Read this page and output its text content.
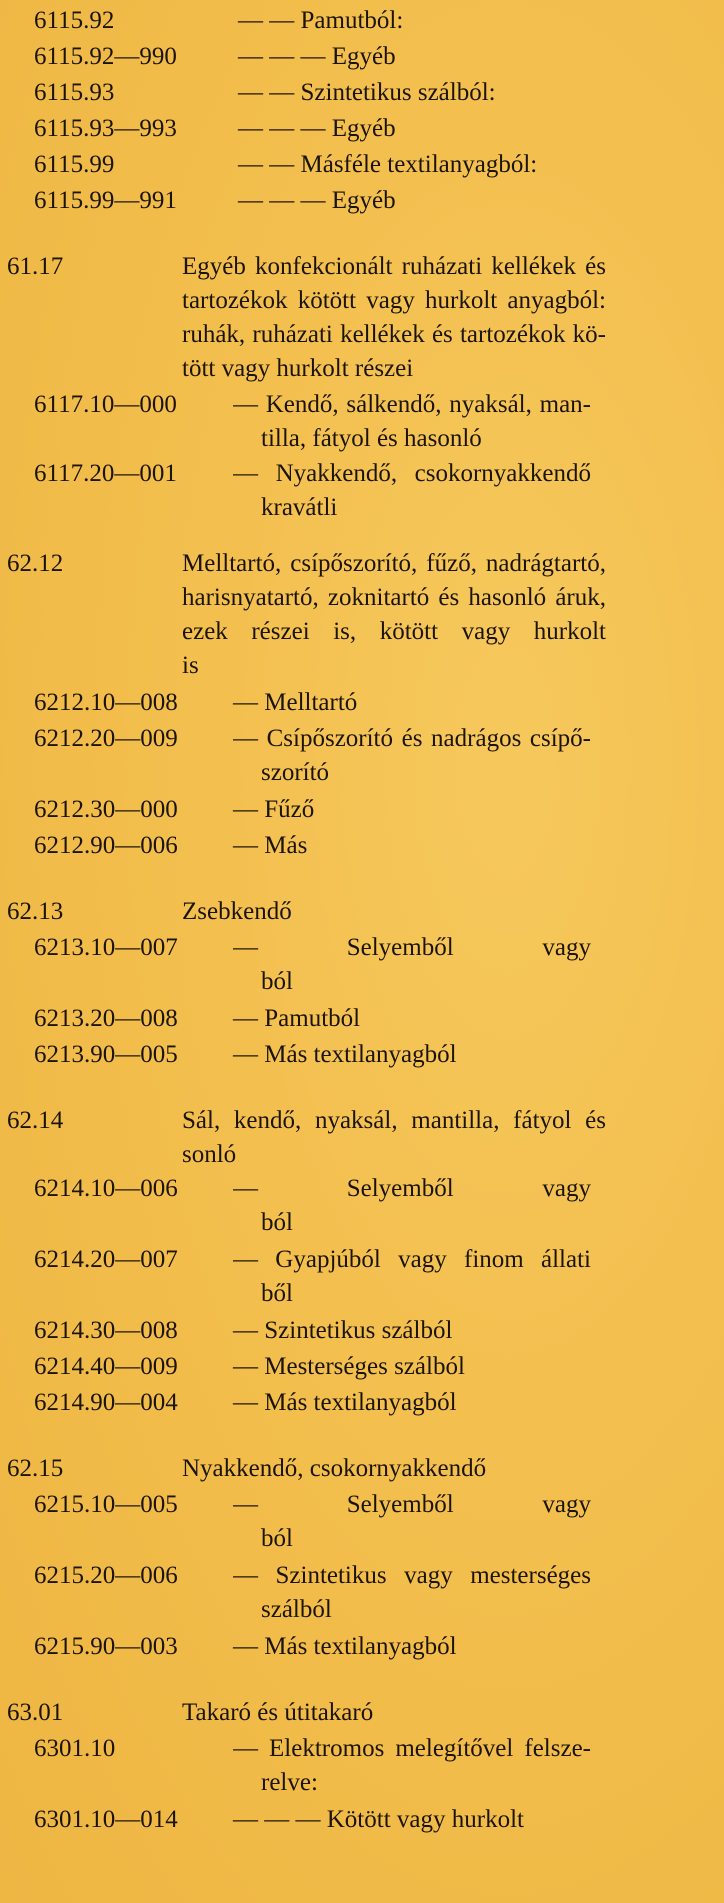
6115.92	— — Pamutból:
6115.92—990 — — — Egyéb
6115.93	— — Szintetikus szálból:
6115.93—993 — — — Egyéb
6115.99	— — Másféle textilanyagból:
6115.99—991 — — — Egyéb
61.17	Egyéb konfekcionált ruházati kellékek és
tartozékok kötött vagy hurkolt anyagból:
ruhák, ruházati kellékek és tartozékok kö-
tött vagy hurkolt részei
6117.10—000 — Kendő, sálkendő, nyaksál, man-
tilla, fátyol és hasonló
6117.20—001 — Nyakkendő, csokornyakkendő
kravátli
62.12	Melltartó, csípőszorító, fűző, nadrágtartó,
harisnyatartó, zoknitartó és hasonló áruk,
ezek részei is, kötött vagy hurkolt
is
6212.10—008 — Melltartó
6212.20—009 — Csípőszorító és nadrágos csípő-
szorító
6212.30—000 — Fűző
6212.90—006 — Más
62.13	Zsebkendő
6213.10—007 — Selyemből vagy
ból
6213.20—008 — Pamutból
6213.90—005 — Más textilanyagból
62.14	Sál, kendő, nyaksál, mantilla, fátyol és
sonló
6214.10—006 — Selyemből vagy
ból
6214.20—007 — Gyapjúból vagy finom állati
ből
6214.30—008 — Szintetikus szálból
6214.40—009 — Mesterséges szálból
6214.90—004 — Más textilanyagból
62.15	Nyakkendő, csokornyakkendő
6215.10—005 — Selyemből vagy
ból
6215.20—006 — Szintetikus vagy mesterséges
szálból
6215.90—003 — Más textilanyagból
63.01	Takaró és útitakaró
6301.10	— Elektromos melegítővel felsze-
relve:
6301.10—014 — — — Kötött vagy hurkolt
